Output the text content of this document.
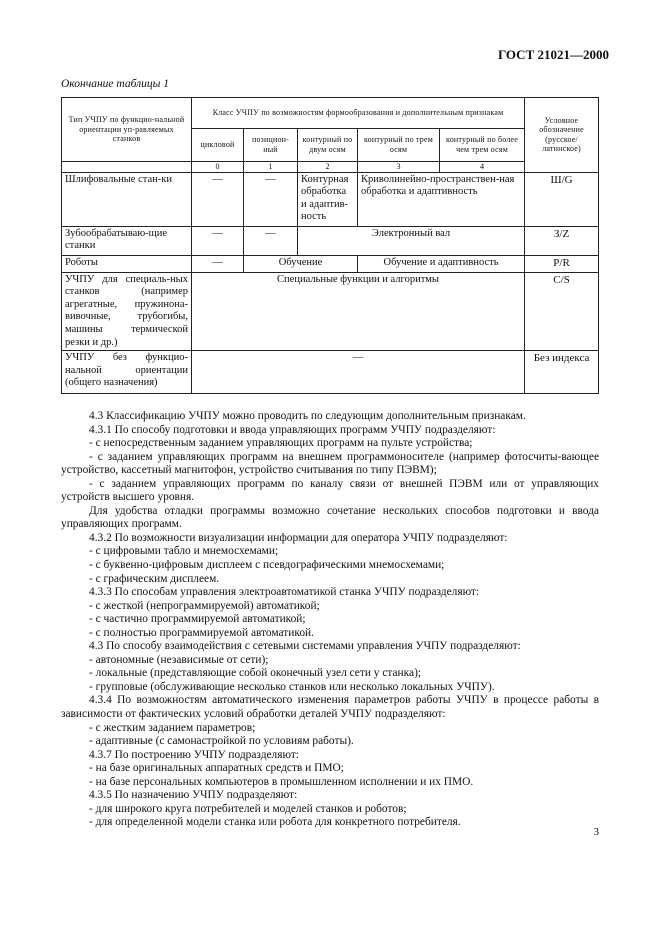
ГОСТ 21021—2000
Окончание таблицы 1
Тип УЧПУ по функцио-нальной ориентации уп-равляемых станков	Класс УЧПУ по возможностям формообразования и дополнительным признакам					Условное обозначение (русское/латинское)
	цикловой	позицион-ный	контурный по двум осям	контурный по трем осям	контурный по более чем трем осям	
	0	1	2	3	4	
Шлифовальные стан-ки	—	—	Контурная обработка и адаптив-ность	Криволинейно-пространствен-ная обработка и адаптивность		Ш/G
Зубообрабатываю-щие станки	—	—	Электронный вал			З/Z
Роботы	—	Обучение		Обучение и адаптивность		Р/R
УЧПУ для специаль-ных станков (например агрегатные, пружинона-вивочные, трубогибы, машины термической резки и др.)	Специальные функции и алгоритмы					С/S
УЧПУ без функцио-нальной ориентации (общего назначения)	—					Без индекса

4.3 Классификацию УЧПУ можно проводить по следующим дополнительным признакам.

4.3.1 По способу подготовки и ввода управляющих программ УЧПУ подразделяют:

- с непосредственным заданием управляющих программ на пульте устройства;

- с заданием управляющих программ на внешнем программоносителе (например фотосчиты-вающее устройство, кассетный магнитофон, устройство считывания по типу ПЭВМ);

- с заданием управляющих программ по каналу связи от внешней ПЭВМ или от управляющих устройств высшего уровня.

Для удобства отладки программы возможно сочетание нескольких способов подготовки и ввода управляющих программ.

4.3.2 По возможности визуализации информации для оператора УЧПУ подразделяют:

- с цифровыми табло и мнемосхемами;

- с буквенно-цифровым дисплеем с псевдографическими мнемосхемами;

- с графическим дисплеем.

4.3.3 По способам управления электроавтоматикой станка УЧПУ подразделяют:

- с жесткой (непрограммируемой) автоматикой;

- с частично программируемой автоматикой;

- с полностью программируемой автоматикой.

4.3 По способу взаимодействия с сетевыми системами управления УЧПУ подразделяют:

- автономные (независимые от сети);

- локальные (представляющие собой оконечный узел сети у станка);

- групповые (обслуживающие несколько станков или несколько локальных УЧПУ).

4.3.4 По возможностям автоматического изменения параметров работы УЧПУ в процессе работы в зависимости от фактических условий обработки деталей УЧПУ подразделяют:

- с жестким заданием параметров;

- адаптивные (с самонастройкой по условиям работы).

4.3.7 По построению УЧПУ подразделяют:

- на базе оригинальных аппаратных средств и ПМО;

- на базе персональных компьютеров в промышленном исполнении и их ПМО.

4.3.5 По назначению УЧПУ подразделяют:

- для широкого круга потребителей и моделей станков и роботов;

- для определенной модели станка или робота для конкретного потребителя.

3
